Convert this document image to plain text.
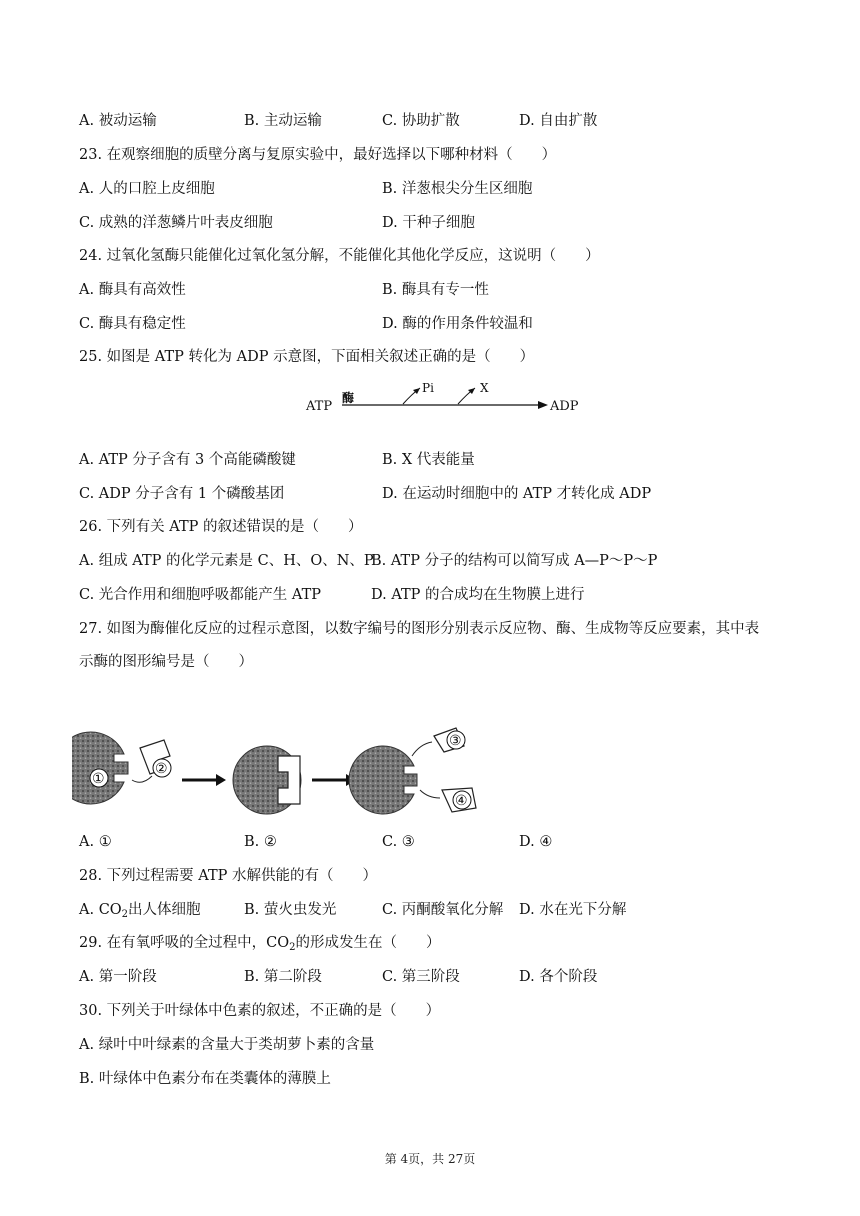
A. 被动运输	B. 主动运输	C. 协助扩散	D. 自由扩散
23. 在观察细胞的质壁分离与复原实验中，最好选择以下哪种材料（　　）
A. 人的口腔上皮细胞	B. 洋葱根尖分生区细胞
C. 成熟的洋葱鳞片叶表皮细胞	D. 干种子细胞
24. 过氧化氢酶只能催化过氧化氢分解，不能催化其他化学反应，这说明（　　）
A. 酶具有高效性	B. 酶具有专一性
C. 酶具有稳定性	D. 酶的作用条件较温和
25. 如图是 ATP 转化为 ADP 示意图，下面相关叙述正确的是（　　）
ATP
酶
Pi	X
ADP
A. ATP 分子含有 3 个高能磷酸键	B. X 代表能量
C. ADP 分子含有 1 个磷酸基团	D. 在运动时细胞中的 ATP 才转化成 ADP
26. 下列有关 ATP 的叙述错误的是（　　）
A. 组成 ATP 的化学元素是 C、H、O、N、P
B. ATP 分子的结构可以简写成 A—P～P～P
C. 光合作用和细胞呼吸都能产生 ATP	D. ATP 的合成均在生物膜上进行
27. 如图为酶催化反应的过程示意图，以数字编号的图形分别表示反应物、酶、生成物等反应要素，其中表
示酶的图形编号是（　　）
①
②
③
④
A. ①	B. ②	C. ③	D. ④
28. 下列过程需要 ATP 水解供能的有（　　）
A. $CO_2$出人体细胞	B. 萤火虫发光	C. 丙酮酸氧化分解 D. 水在光下分解
29. 在有氧呼吸的全过程中，$CO_2$的形成发生在（　　）
A. 第一阶段	B. 第二阶段	C. 第三阶段	D. 各个阶段
30. 下列关于叶绿体中色素的叙述，不正确的是（　　）
A. 绿叶中叶绿素的含量大于类胡萝卜素的含量
B. 叶绿体中色素分布在类囊体的薄膜上
第 4页，共 27页
